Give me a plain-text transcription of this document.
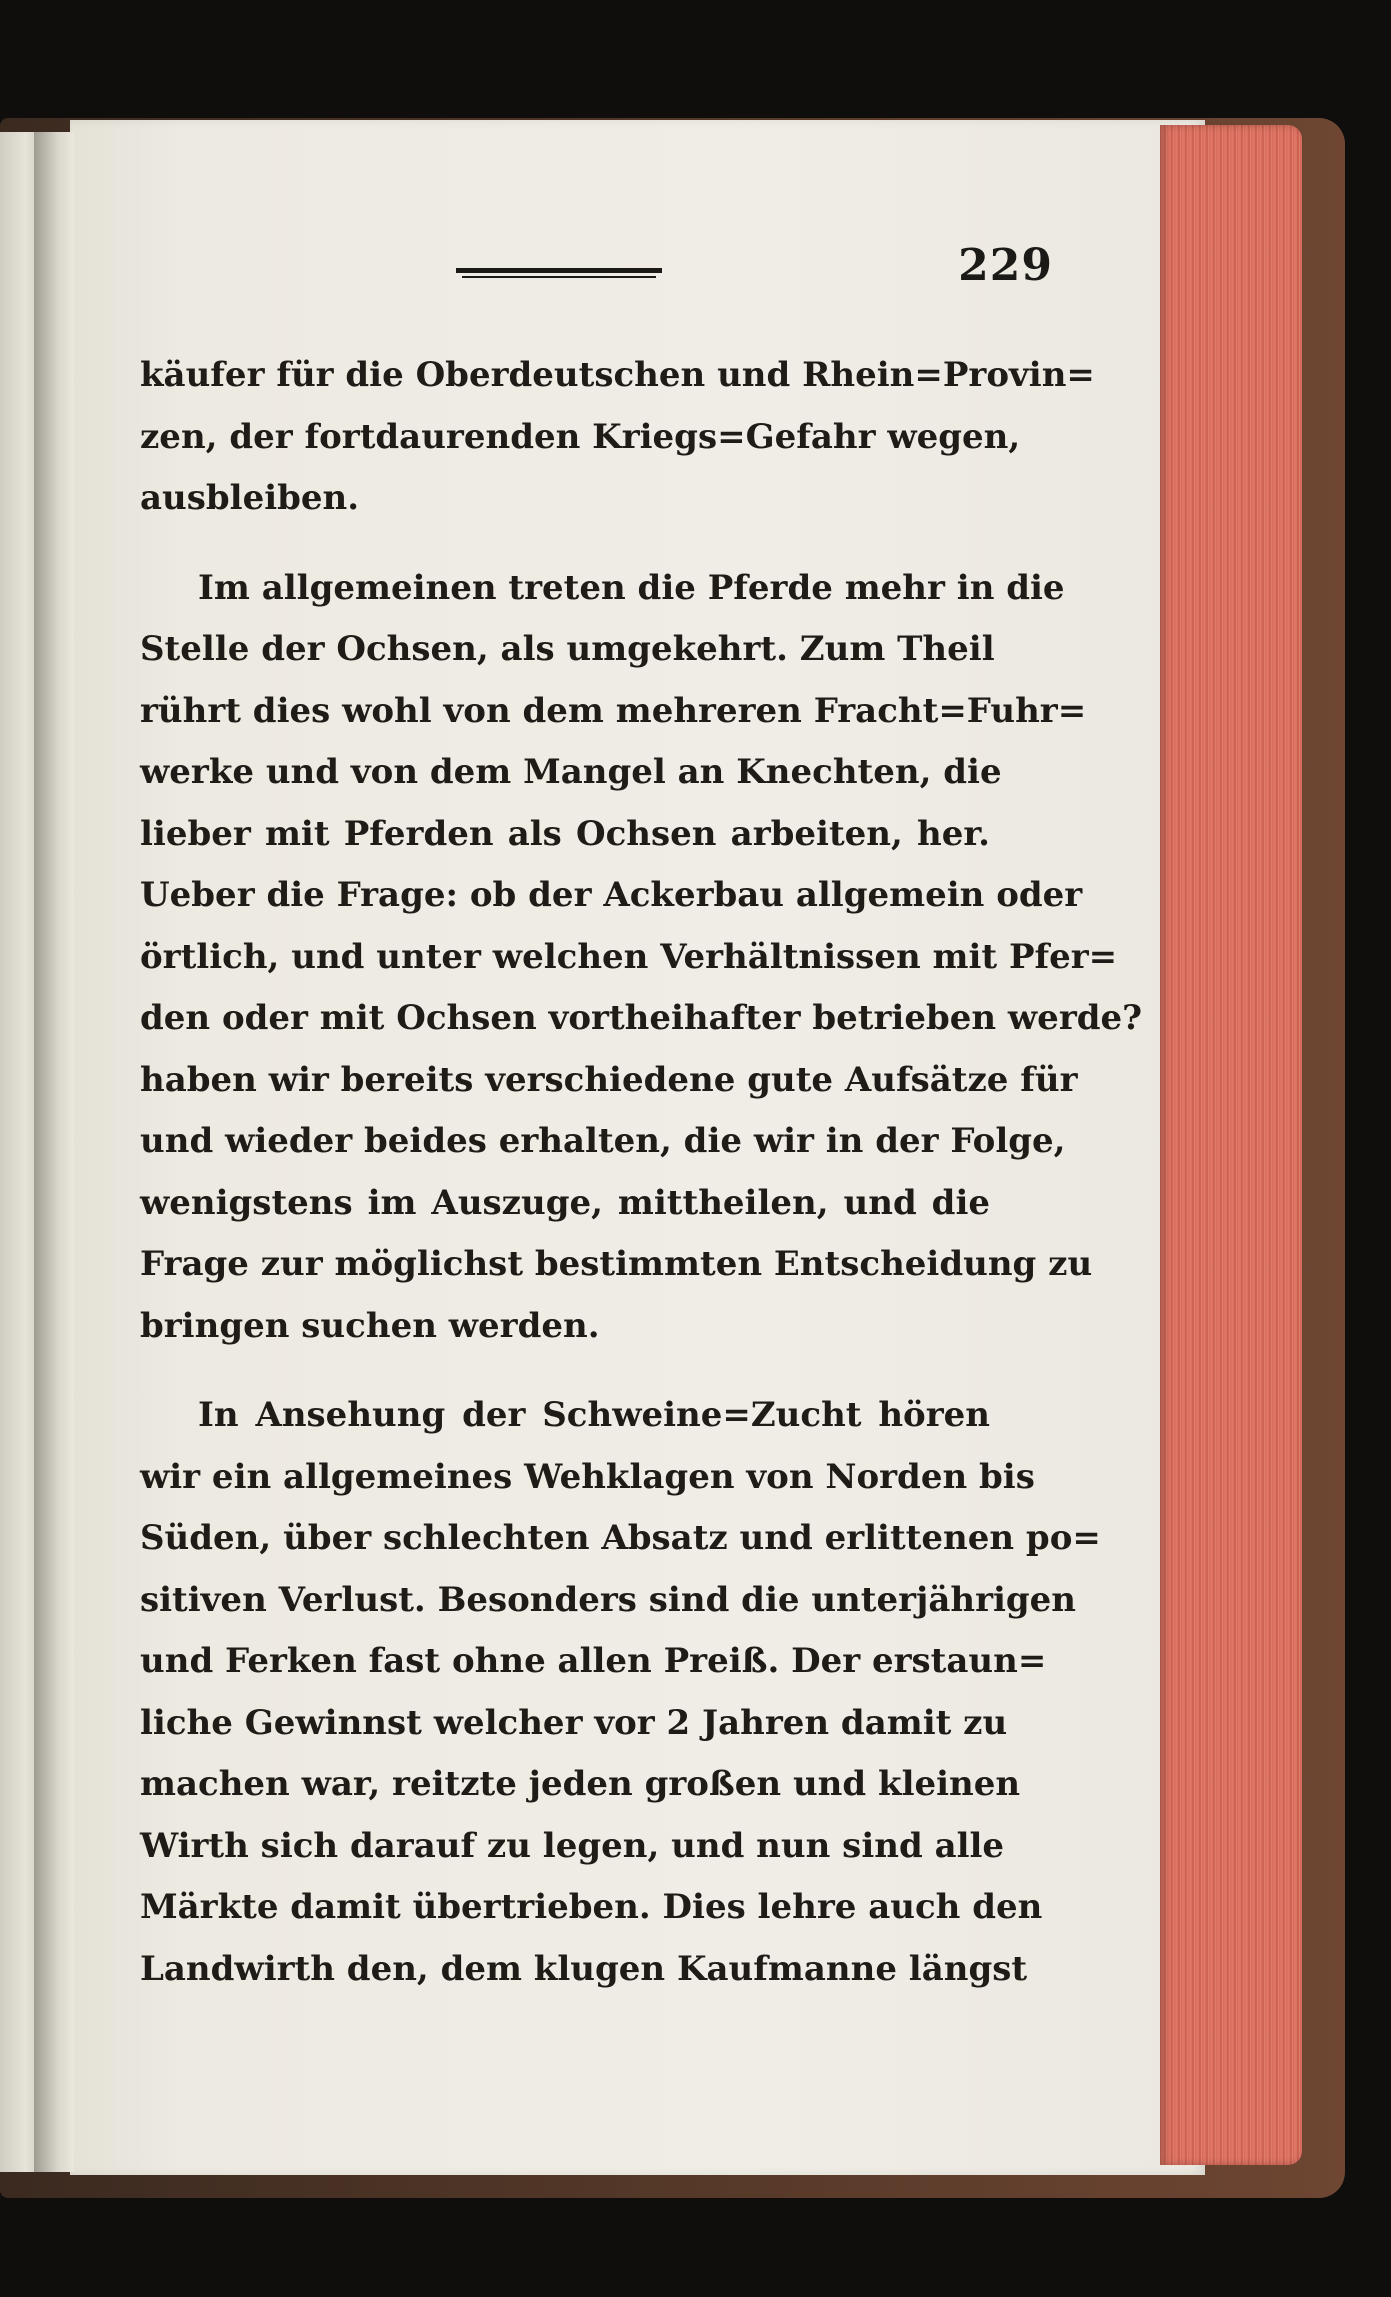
229
käufer für die Oberdeutschen und Rhein=Provin=
zen, der fortdaurenden Kriegs=Gefahr wegen,
ausbleiben.
Im allgemeinen treten die Pferde mehr in die
Stelle der Ochsen, als umgekehrt. Zum Theil
rührt dies wohl von dem mehreren Fracht=Fuhr=
werke und von dem Mangel an Knechten, die
lieber mit Pferden als Ochsen arbeiten, her.
Ueber die Frage: ob der Ackerbau allgemein oder
örtlich, und unter welchen Verhältnissen mit Pfer=
den oder mit Ochsen vortheihafter betrieben werde?
haben wir bereits verschiedene gute Aufsätze für
und wieder beides erhalten, die wir in der Folge,
wenigstens im Auszuge, mittheilen, und die
Frage zur möglichst bestimmten Entscheidung zu
bringen suchen werden.
In Ansehung der Schweine=Zucht hören
wir ein allgemeines Wehklagen von Norden bis
Süden, über schlechten Absatz und erlittenen po=
sitiven Verlust. Besonders sind die unterjährigen
und Ferken fast ohne allen Preiß. Der erstaun=
liche Gewinnst welcher vor 2 Jahren damit zu
machen war, reitzte jeden großen und kleinen
Wirth sich darauf zu legen, und nun sind alle
Märkte damit übertrieben. Dies lehre auch den
Landwirth den, dem klugen Kaufmanne längst
